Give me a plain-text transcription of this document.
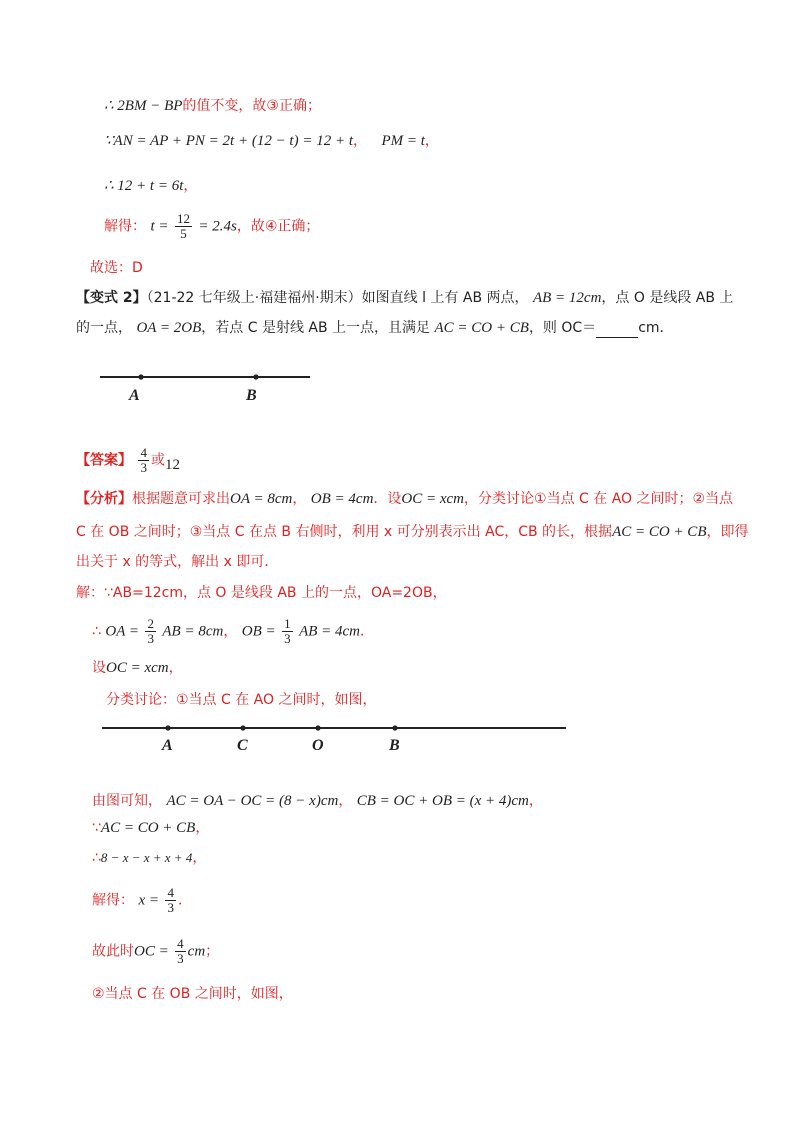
∴ 2BM − BP的值不变，故③正确；
∵AN = AP + PN = 2t + (12 − t) = 12 + t， PM = t，
∴ 12 + t = 6t，
解得： $t = \frac{12}{5} = 2.4s$，故④正确；
故选：D
【变式 2】（21-22 七年级上·福建福州·期末）如图直线 l 上有 AB 两点， AB = 12cm，点 O 是线段 AB 上
的一点， OA = 2OB，若点 C 是射线 AB 上一点，且满足 AC = CO + CB，则 OC＝	cm．
A	B
【答案】 $\frac{4}{3}$ 或12
【分析】根据题意可求出OA = 8cm， OB = 4cm．设OC = xcm，分类讨论①当点 C 在 AO 之间时；②当点
C 在 OB 之间时；③当点 C 在点 B 右侧时，利用 x 可分别表示出 AC，CB 的长，根据AC = CO + CB，即得
出关于 x 的等式，解出 x 即可．
解：∵AB=12cm，点 O 是线段 AB 上的一点，OA=2OB，
∴ OA = $\frac{2}{3}$ AB = 8cm， OB = $\frac{1}{3}$ AB = 4cm．
设OC = xcm，
分类讨论：①当点 C 在 AO 之间时，如图，
A	C	O	B
由图可知， AC = OA − OC = (8 − x)cm， CB = OC + OB = (x + 4)cm，
∵AC = CO + CB，
∴8 − x − x + x + 4，
解得： $x = \frac{4}{3}$ ．
故此时OC = $\frac{4}{3}$ cm；
②当点 C 在 OB 之间时，如图，
